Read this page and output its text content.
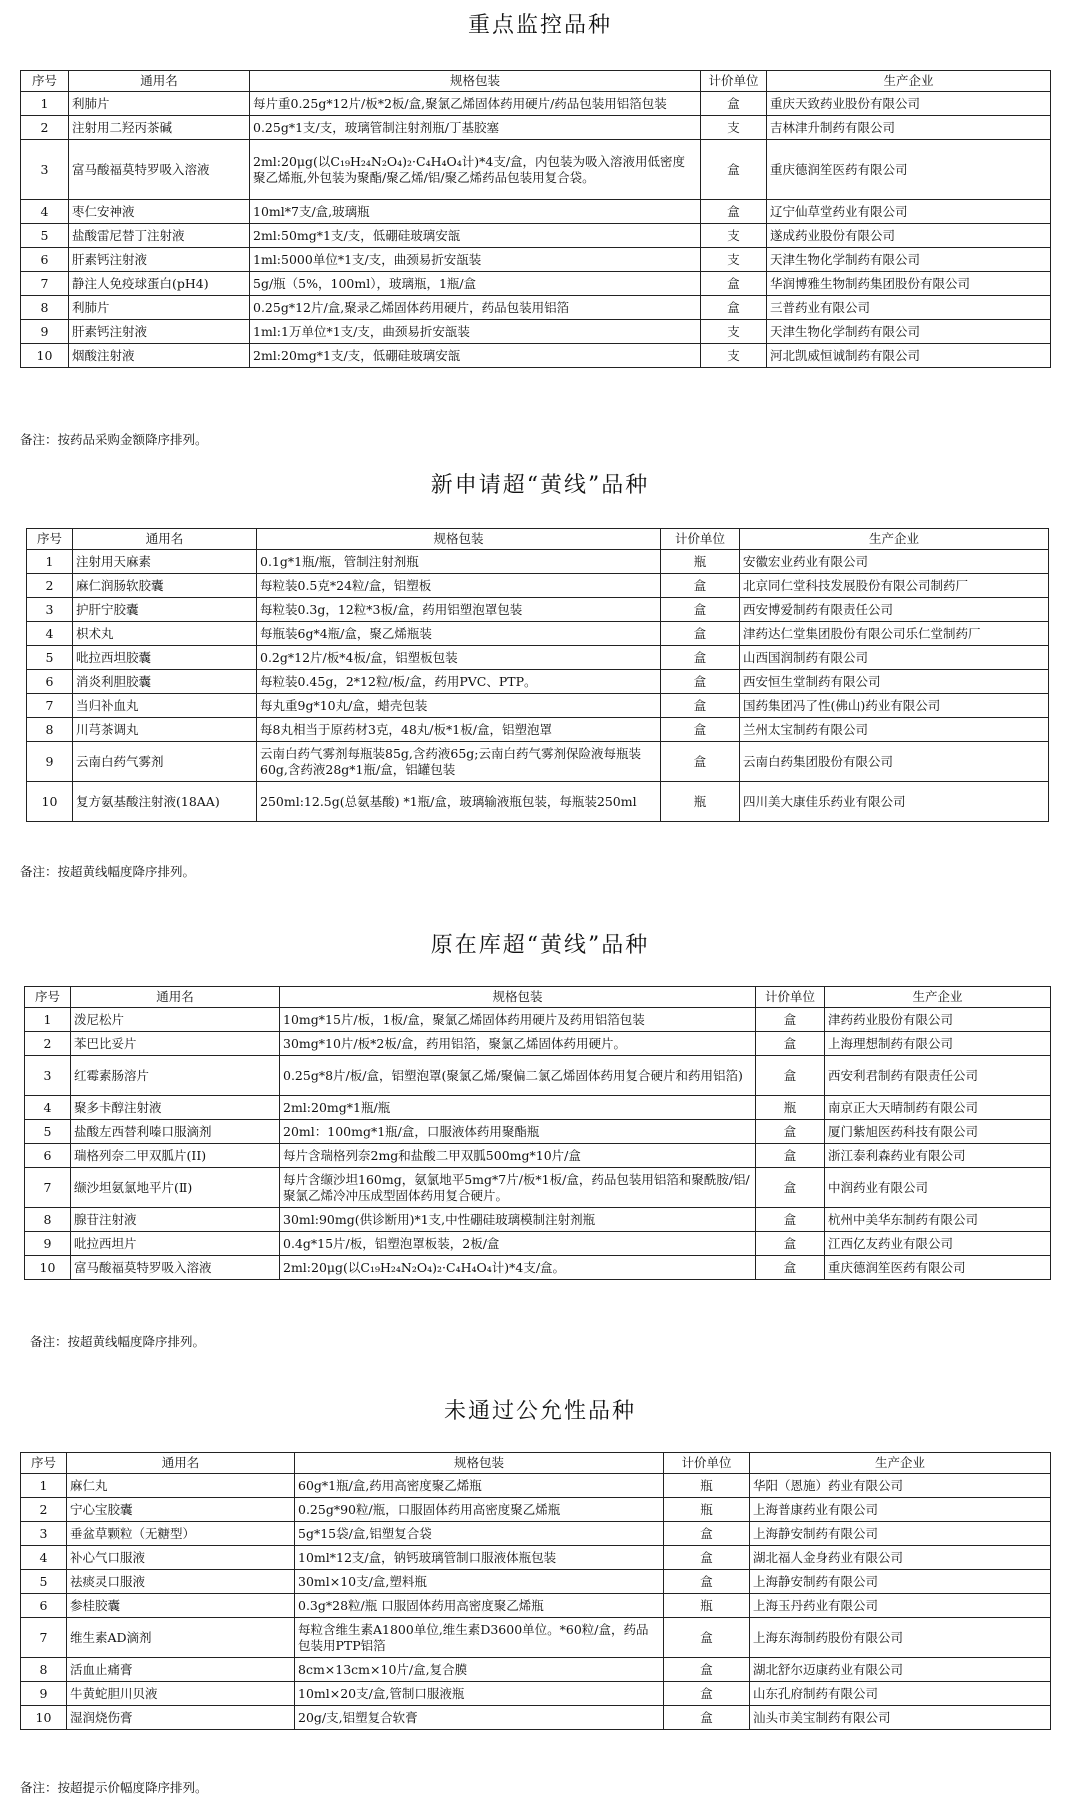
重点监控品种
序号	通用名	规格包装	计价单位	生产企业
1	利肺片	每片重0.25g*12片/板*2板/盒,聚氯乙烯固体药用硬片/药品包装用铝箔包装	盒	重庆天致药业股份有限公司
2	注射用二羟丙茶碱	0.25g*1支/支，玻璃管制注射剂瓶/丁基胶塞	支	吉林津升制药有限公司
3	富马酸福莫特罗吸入溶液	2ml:20μg(以C₁₉H₂₄N₂O₄)₂·C₄H₄O₄计)*4支/盒，内包装为吸入溶液用低密度聚乙烯瓶,外包装为聚酯/聚乙烯/铝/聚乙烯药品包装用复合袋。	盒	重庆德润笙医药有限公司
4	枣仁安神液	10ml*7支/盒,玻璃瓶	盒	辽宁仙草堂药业有限公司
5	盐酸雷尼替丁注射液	2ml:50mg*1支/支，低硼硅玻璃安瓿	支	遂成药业股份有限公司
6	肝素钙注射液	1ml:5000单位*1支/支，曲颈易折安瓿装	支	天津生物化学制药有限公司
7	静注人免疫球蛋白(pH4)	5g/瓶（5%，100ml），玻璃瓶，1瓶/盒	盒	华润博雅生物制药集团股份有限公司
8	利肺片	0.25g*12片/盒,聚录乙烯固体药用硬片，药品包装用铝箔	盒	三普药业有限公司
9	肝素钙注射液	1ml:1万单位*1支/支，曲颈易折安瓿装	支	天津生物化学制药有限公司
10	烟酸注射液	2ml:20mg*1支/支，低硼硅玻璃安瓿	支	河北凯威恒诚制药有限公司
备注：按药品采购金额降序排列。
新申请超“黄线”品种
序号	通用名	规格包装	计价单位	生产企业
1	注射用天麻素	0.1g*1瓶/瓶，管制注射剂瓶	瓶	安徽宏业药业有限公司
2	麻仁润肠软胶囊	每粒装0.5克*24粒/盒，铝塑板	盒	北京同仁堂科技发展股份有限公司制药厂
3	护肝宁胶囊	每粒装0.3g，12粒*3板/盒，药用铝塑泡罩包装	盒	西安博爱制药有限责任公司
4	枳术丸	每瓶装6g*4瓶/盒，聚乙烯瓶装	盒	津药达仁堂集团股份有限公司乐仁堂制药厂
5	吡拉西坦胶囊	0.2g*12片/板*4板/盒，铝塑板包装	盒	山西国润制药有限公司
6	消炎利胆胶囊	每粒装0.45g，2*12粒/板/盒，药用PVC、PTP。	盒	西安恒生堂制药有限公司
7	当归补血丸	每丸重9g*10丸/盒，蜡壳包装	盒	国药集团冯了性(佛山)药业有限公司
8	川芎茶调丸	每8丸相当于原药材3克，48丸/板*1板/盒，铝塑泡罩	盒	兰州太宝制药有限公司
9	云南白药气雾剂	云南白药气雾剂每瓶装85g,含药液65g;云南白药气雾剂保险液每瓶装60g,含药液28g*1瓶/盒，铝罐包装	盒	云南白药集团股份有限公司
10	复方氨基酸注射液(18AA)	250ml:12.5g(总氨基酸) *1瓶/盒，玻璃输液瓶包装，每瓶装250ml	瓶	四川美大康佳乐药业有限公司
备注：按超黄线幅度降序排列。
原在库超“黄线”品种
序号	通用名	规格包装	计价单位	生产企业
1	泼尼松片	10mg*15片/板，1板/盒，聚氯乙烯固体药用硬片及药用铝箔包装	盒	津药药业股份有限公司
2	苯巴比妥片	30mg*10片/板*2板/盒，药用铝箔，聚氯乙烯固体药用硬片。	盒	上海理想制药有限公司
3	红霉素肠溶片	0.25g*8片/板/盒，铝塑泡罩(聚氯乙烯/聚偏二氯乙烯固体药用复合硬片和药用铝箔)	盒	西安利君制药有限责任公司
4	聚多卡醇注射液	2ml:20mg*1瓶/瓶	瓶	南京正大天晴制药有限公司
5	盐酸左西替利嗪口服滴剂	20ml：100mg*1瓶/盒，口服液体药用聚酯瓶	盒	厦门紫旭医药科技有限公司
6	瑞格列奈二甲双胍片(II)	每片含瑞格列奈2mg和盐酸二甲双胍500mg*10片/盒	盒	浙江泰利森药业有限公司
7	缬沙坦氨氯地平片(Ⅱ)	每片含缬沙坦160mg，氨氯地平5mg*7片/板*1板/盒，药品包装用铝箔和聚酰胺/铝/聚氯乙烯冷冲压成型固体药用复合硬片。	盒	中润药业有限公司
8	腺苷注射液	30ml:90mg(供诊断用)*1支,中性硼硅玻璃模制注射剂瓶	盒	杭州中美华东制药有限公司
9	吡拉西坦片	0.4g*15片/板，铝塑泡罩板装，2板/盒	盒	江西亿友药业有限公司
10	富马酸福莫特罗吸入溶液	2ml:20μg(以C₁₉H₂₄N₂O₄)₂·C₄H₄O₄计)*4支/盒。	盒	重庆德润笙医药有限公司
备注：按超黄线幅度降序排列。
未通过公允性品种
序号	通用名	规格包装	计价单位	生产企业
1	麻仁丸	60g*1瓶/盒,药用高密度聚乙烯瓶	瓶	华阳（恩施）药业有限公司
2	宁心宝胶囊	0.25g*90粒/瓶，口服固体药用高密度聚乙烯瓶	瓶	上海普康药业有限公司
3	垂盆草颗粒（无糖型）	5g*15袋/盒,铝塑复合袋	盒	上海静安制药有限公司
4	补心气口服液	10ml*12支/盒，钠钙玻璃管制口服液体瓶包装	盒	湖北福人金身药业有限公司
5	祛痰灵口服液	30ml×10支/盒,塑料瓶	盒	上海静安制药有限公司
6	参桂胶囊	0.3g*28粒/瓶 口服固体药用高密度聚乙烯瓶	瓶	上海玉丹药业有限公司
7	维生素AD滴剂	每粒含维生素A1800单位,维生素D3600单位。*60粒/盒，药品包装用PTP铝箔	盒	上海东海制药股份有限公司
8	活血止痛膏	8cm×13cm×10片/盒,复合膜	盒	湖北舒尔迈康药业有限公司
9	牛黄蛇胆川贝液	10ml×20支/盒,管制口服液瓶	盒	山东孔府制药有限公司
10	湿润烧伤膏	20g/支,铝塑复合软膏	盒	汕头市美宝制药有限公司
备注：按超提示价幅度降序排列。
